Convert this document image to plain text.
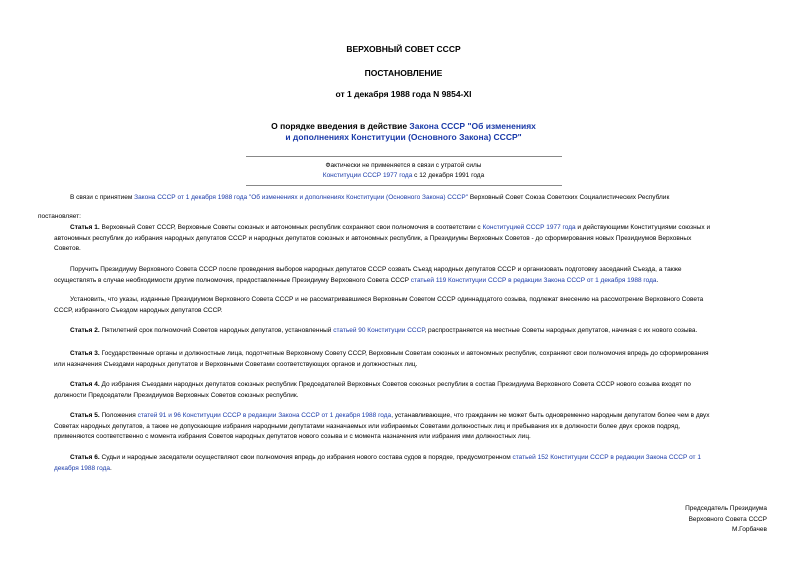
ВЕРХОВНЫЙ СОВЕТ СССР
ПОСТАНОВЛЕНИЕ
от 1 декабря 1988 года N 9854-XI
О порядке введения в действие Закона СССР "Об изменениях
и дополнениях Конституции (Основного Закона) СССР"
Фактически не применяется в связи с утратой силы
Конституции СССР 1977 года с 12 декабря 1991 года
В связи с принятием Закона СССР от 1 декабря 1988 года "Об изменениях и дополнениях Конституции (Основного Закона) СССР" Верховный Совет Союза Советских Социалистических Республик
постановляет:
Статья 1. Верховный Совет СССР, Верховные Советы союзных и автономных республик сохраняют свои полномочия в соответствии с Конституцией СССР 1977 года и действующими Конституциями союзных и
автономных республик до избрания народных депутатов СССР и народных депутатов союзных и автономных республик, а Президиумы Верховных Советов - до сформирования новых Президиумов Верховных
Советов.
Поручить Президиуму Верховного Совета СССР после проведения выборов народных депутатов СССР созвать Съезд народных депутатов СССР и организовать подготовку заседаний Съезда, а также
осуществлять в случае необходимости другие полномочия, предоставленные Президиуму Верховного Совета СССР статьей 119 Конституции СССР в редакции Закона СССР от 1 декабря 1988 года.
Установить, что указы, изданные Президиумом Верховного Совета СССР и не рассматривавшиеся Верховным Советом СССР одиннадцатого созыва, подлежат внесению на рассмотрение Верховного Совета
СССР, избранного Съездом народных депутатов СССР.
Статья 2. Пятилетний срок полномочий Советов народных депутатов, установленный статьей 90 Конституции СССР, распространяется на местные Советы народных депутатов, начиная с их нового созыва.
Статья 3. Государственные органы и должностные лица, подотчетные Верховному Совету СССР, Верховным Советам союзных и автономных республик, сохраняют свои полномочия впредь до сформирования
или назначения Съездами народных депутатов и Верховными Советами соответствующих органов и должностных лиц.
Статья 4. До избрания Съездами народных депутатов союзных республик Председателей Верховных Советов союзных республик в состав Президиума Верховного Совета СССР нового созыва входят по
должности Председатели Президиумов Верховных Советов союзных республик.
Статья 5. Положения статей 91 и 96 Конституции СССР в редакции Закона СССР от 1 декабря 1988 года, устанавливающие, что гражданин не может быть одновременно народным депутатом более чем в двух
Советах народных депутатов, а также не допускающие избрания народными депутатами назначаемых или избираемых Советами должностных лиц и пребывания их в должности более двух сроков подряд,
применяются соответственно с момента избрания Советов народных депутатов нового созыва и с момента назначения или избрания ими должностных лиц.
Статья 6. Судьи и народные заседатели осуществляют свои полномочия впредь до избрания нового состава судов в порядке, предусмотренном статьей 152 Конституции СССР в редакции Закона СССР от 1
декабря 1988 года.
Председатель Президиума
Верховного Совета СССР
М.Горбачев
